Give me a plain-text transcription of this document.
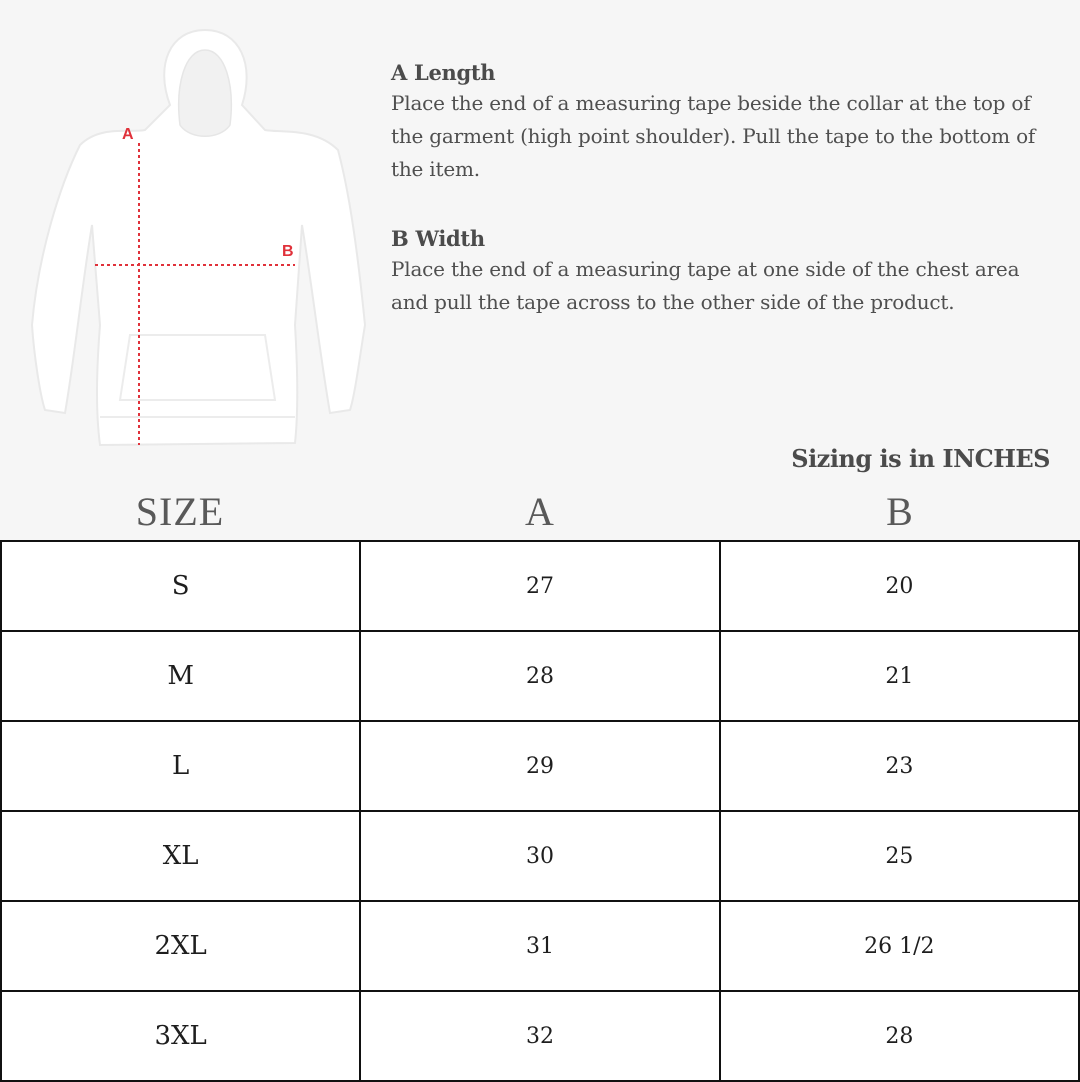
A
B
A Length

Place the end of a measuring tape beside the collar at the top of the garment (high point shoulder). Pull the tape to the bottom of the item.

B Width

Place the end of a measuring tape at one side of the chest area and pull the tape across to the other side of the product.

Sizing is in INCHES
SIZE	A	B
S	27	20
M	28	21
L	29	23
XL	30	25
2XL	31	26 1/2
3XL	32	28
